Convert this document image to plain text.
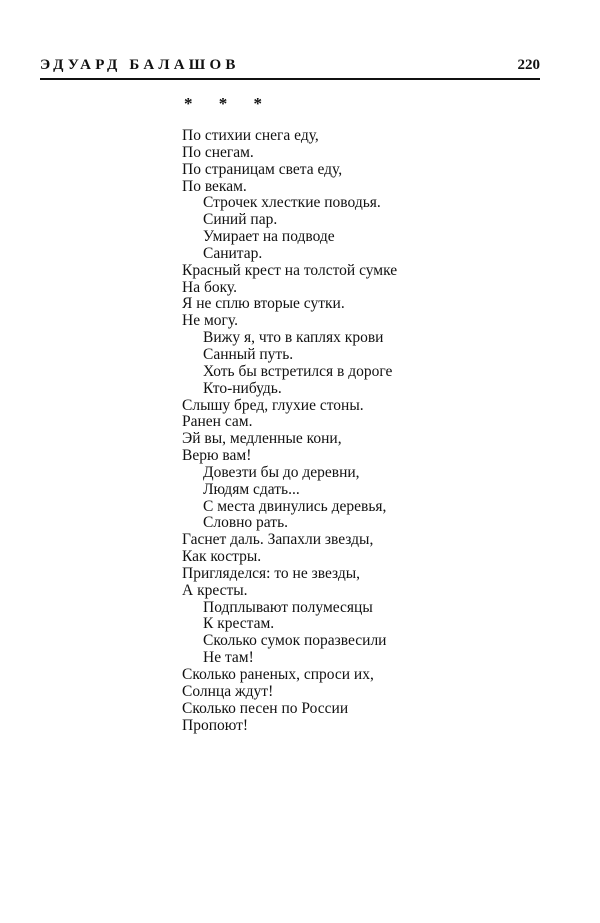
ЭДУАРД БАЛАШОВ	220
* * *
По стихии снега еду,
По снегам.
По страницам света еду,
По векам.
Строчек хлесткие поводья.
Синий пар.
Умирает на подводе
Санитар.
Красный крест на толстой сумке
На боку.
Я не сплю вторые сутки.
Не могу.
Вижу я, что в каплях крови
Санный путь.
Хоть бы встретился в дороге
Кто-нибудь.
Слышу бред, глухие стоны.
Ранен сам.
Эй вы, медленные кони,
Верю вам!
Довезти бы до деревни,
Людям сдать...
С места двинулись деревья,
Словно рать.
Гаснет даль. Запахли звезды,
Как костры.
Пригляделся: то не звезды,
А кресты.
Подплывают полумесяцы
К крестам.
Сколько сумок поразвесили
Не там!
Сколько раненых, спроси их,
Солнца ждут!
Сколько песен по России
Пропоют!
